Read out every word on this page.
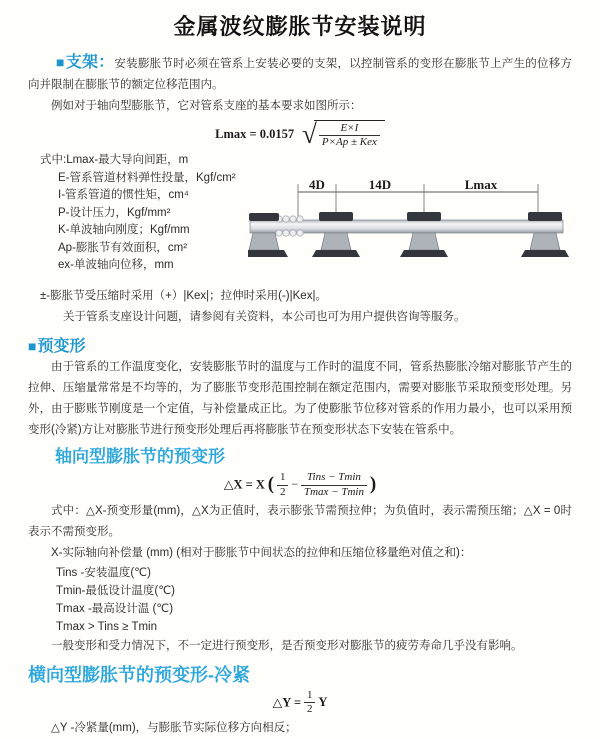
金属波纹膨胀节安装说明

■支架：安装膨胀节时必须在管系上安装必要的支架，以控制管系的变形在膨胀节上产生的位移方向并限制在膨胀节的额定位移范围内。

例如对于轴向型膨胀节，它对管系支座的基本要求如图所示：

Lmax = 0.0157 √ $\frac{E\times I}{\text{P×Ap ± Kex}}$
式中:Lmax-最大导向间距，m
E-管系管道材料弹性投量，Kgf/cm²
I-管系管道的惯性矩，cm⁴
P-设计压力，Kgf/mm²
K-单波轴向刚度；Kgf/mm
Ap-膨胀节有效面积，cm²
ex-单波轴向位移，mm
4D	14D	Lmax

±-膨胀节受压缩时采用（+）|Kex|；拉伸时采用(-)|Kex|。

关于管系支座设计问题，请参阅有关资料，本公司也可为用户提供咨询等服务。

■预变形

由于管系的工作温度变化，安装膨胀节时的温度与工作时的温度不同，管系热膨胀冷缩对膨胀节产生的拉伸、压缩量常常是不均等的，为了膨胀节变形范围控制在额定范围内，需要对膨胀节采取预变形处理。另外，由于膨账节刚度是一个定值，与补偿量成正比。为了使膨胀节位移对管系的作用力最小，也可以采用预变形(冷紧)方让对膨胀节进行预变形处理后再将膨胀节在预变形状态下安装在管系中。

轴向型膨胀节的预变形
△X = X ( $\frac{1}{2} - \frac{\text{Tins − Tmin}}{Tmax - Tmin}$ )

式中：△X-预变形量(mm)，△X为正值时，表示膨张节需预拉伸；为负值时，表示需预压缩；△X = 0时表示不需预变形。

X-实际轴向补偿量 (mm) (相对于膨胀节中间状态的拉伸和压缩位移量绝对值之和)：

Tins -安装温度(℃)
Tmin-最低设计温度(℃)
Tmax -最高设计温 (℃)
Tmax > Tins ≥ Tmin

一般变形和受力情况下，不一定进行预变形，是否预变形对膨胀节的疲劳寿命几乎没有影响。

横向型膨胀节的预变形-冷紧
△Y = $\frac{1}{2}$ Y

△Y -冷紧量(mm)，与膨胀节实际位移方向相反；
